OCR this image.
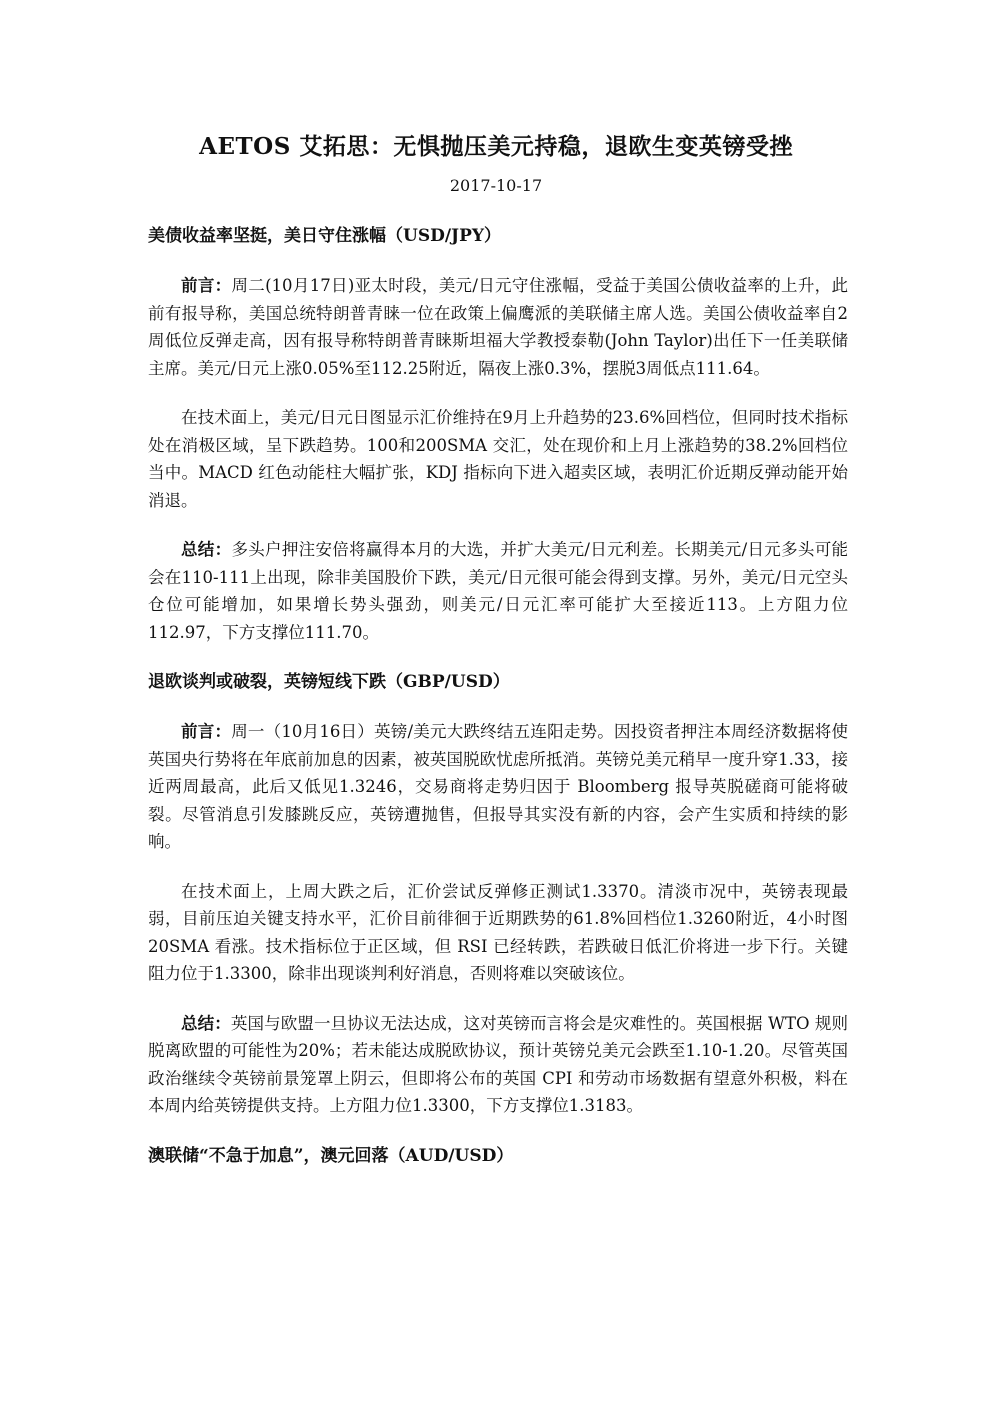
AETOS 艾拓思：无惧抛压美元持稳，退欧生变英镑受挫
2017-10-17
美债收益率坚挺，美日守住涨幅（USD/JPY）

前言：周二(10月17日)亚太时段，美元/日元守住涨幅，受益于美国公债收益率的上升，此前有报导称，美国总统特朗普青睐一位在政策上偏鹰派的美联储主席人选。美国公债收益率自2周低位反弹走高，因有报导称特朗普青睐斯坦福大学教授泰勒(John Taylor)出任下一任美联储主席。美元/日元上涨0.05%至112.25附近，隔夜上涨0.3%，摆脱3周低点111.64。

在技术面上，美元/日元日图显示汇价维持在9月上升趋势的23.6%回档位，但同时技术指标处在消极区域，呈下跌趋势。100和200SMA 交汇，处在现价和上月上涨趋势的38.2%回档位当中。MACD 红色动能柱大幅扩张，KDJ 指标向下进入超卖区域，表明汇价近期反弹动能开始消退。

总结：多头户押注安倍将赢得本月的大选，并扩大美元/日元利差。长期美元/日元多头可能会在110-111上出现，除非美国股价下跌，美元/日元很可能会得到支撑。另外，美元/日元空头仓位可能增加，如果增长势头强劲，则美元/日元汇率可能扩大至接近113。上方阻力位112.97，下方支撑位111.70。

退欧谈判或破裂，英镑短线下跌（GBP/USD）

前言：周一（10月16日）英镑/美元大跌终结五连阳走势。因投资者押注本周经济数据将使英国央行势将在年底前加息的因素，被英国脱欧忧虑所抵消。英镑兑美元稍早一度升穿1.33，接近两周最高，此后又低见1.3246，交易商将走势归因于 Bloomberg 报导英脱磋商可能将破裂。尽管消息引发膝跳反应，英镑遭抛售，但报导其实没有新的内容，会产生实质和持续的影响。

在技术面上，上周大跌之后，汇价尝试反弹修正测试1.3370。清淡市况中，英镑表现最弱，目前压迫关键支持水平，汇价目前徘徊于近期跌势的61.8%回档位1.3260附近，4小时图20SMA 看涨。技术指标位于正区域，但 RSI 已经转跌，若跌破日低汇价将进一步下行。关键阻力位于1.3300，除非出现谈判利好消息，否则将难以突破该位。

总结：英国与欧盟一旦协议无法达成，这对英镑而言将会是灾难性的。英国根据 WTO 规则脱离欧盟的可能性为20%；若未能达成脱欧协议，预计英镑兑美元会跌至1.10-1.20。尽管英国政治继续令英镑前景笼罩上阴云，但即将公布的英国 CPI 和劳动市场数据有望意外积极，料在本周内给英镑提供支持。上方阻力位1.3300，下方支撑位1.3183。

澳联储“不急于加息”，澳元回落（AUD/USD）
